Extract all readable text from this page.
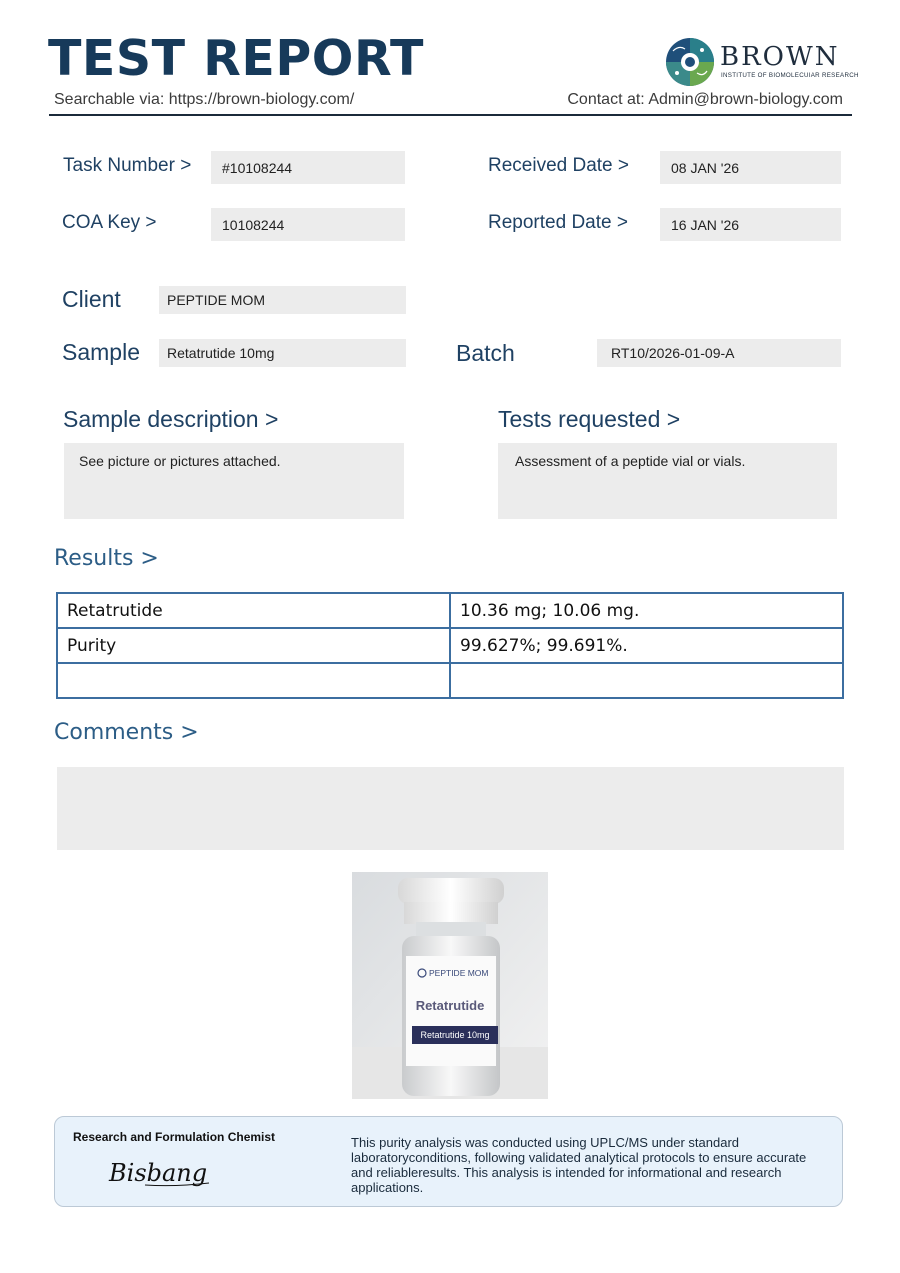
TEST REPORT
Searchable via: https://brown-biology.com/	Contact at: Admin@brown-biology.com
BROWN
INSTITUTE OF BIOMOLECUIAR RESEARCH
Task Number >	#10108244	Received Date >	08 JAN '26
COA Key >	10108244	Reported Date >	16 JAN '26
Client	PEPTIDE MOM
Sample	Retatrutide 10mg	Batch	RT10/2026-01-09-A
Sample description >
See picture or pictures attached.
Tests requested >
Assessment of a peptide vial or vials.
Results >
Retatrutide	10.36 mg; 10.06 mg.
Purity	99.627%; 99.691%.

Comments >
PEPTIDE MOM
Retatrutide
Retatrutide 10mg
Research and Formulation Chemist
Bisbang
This purity analysis was conducted using UPLC/MS under standard laboratoryconditions, following validated analytical protocols to ensure accurate and reliableresults. This analysis is intended for informational and research applications.
